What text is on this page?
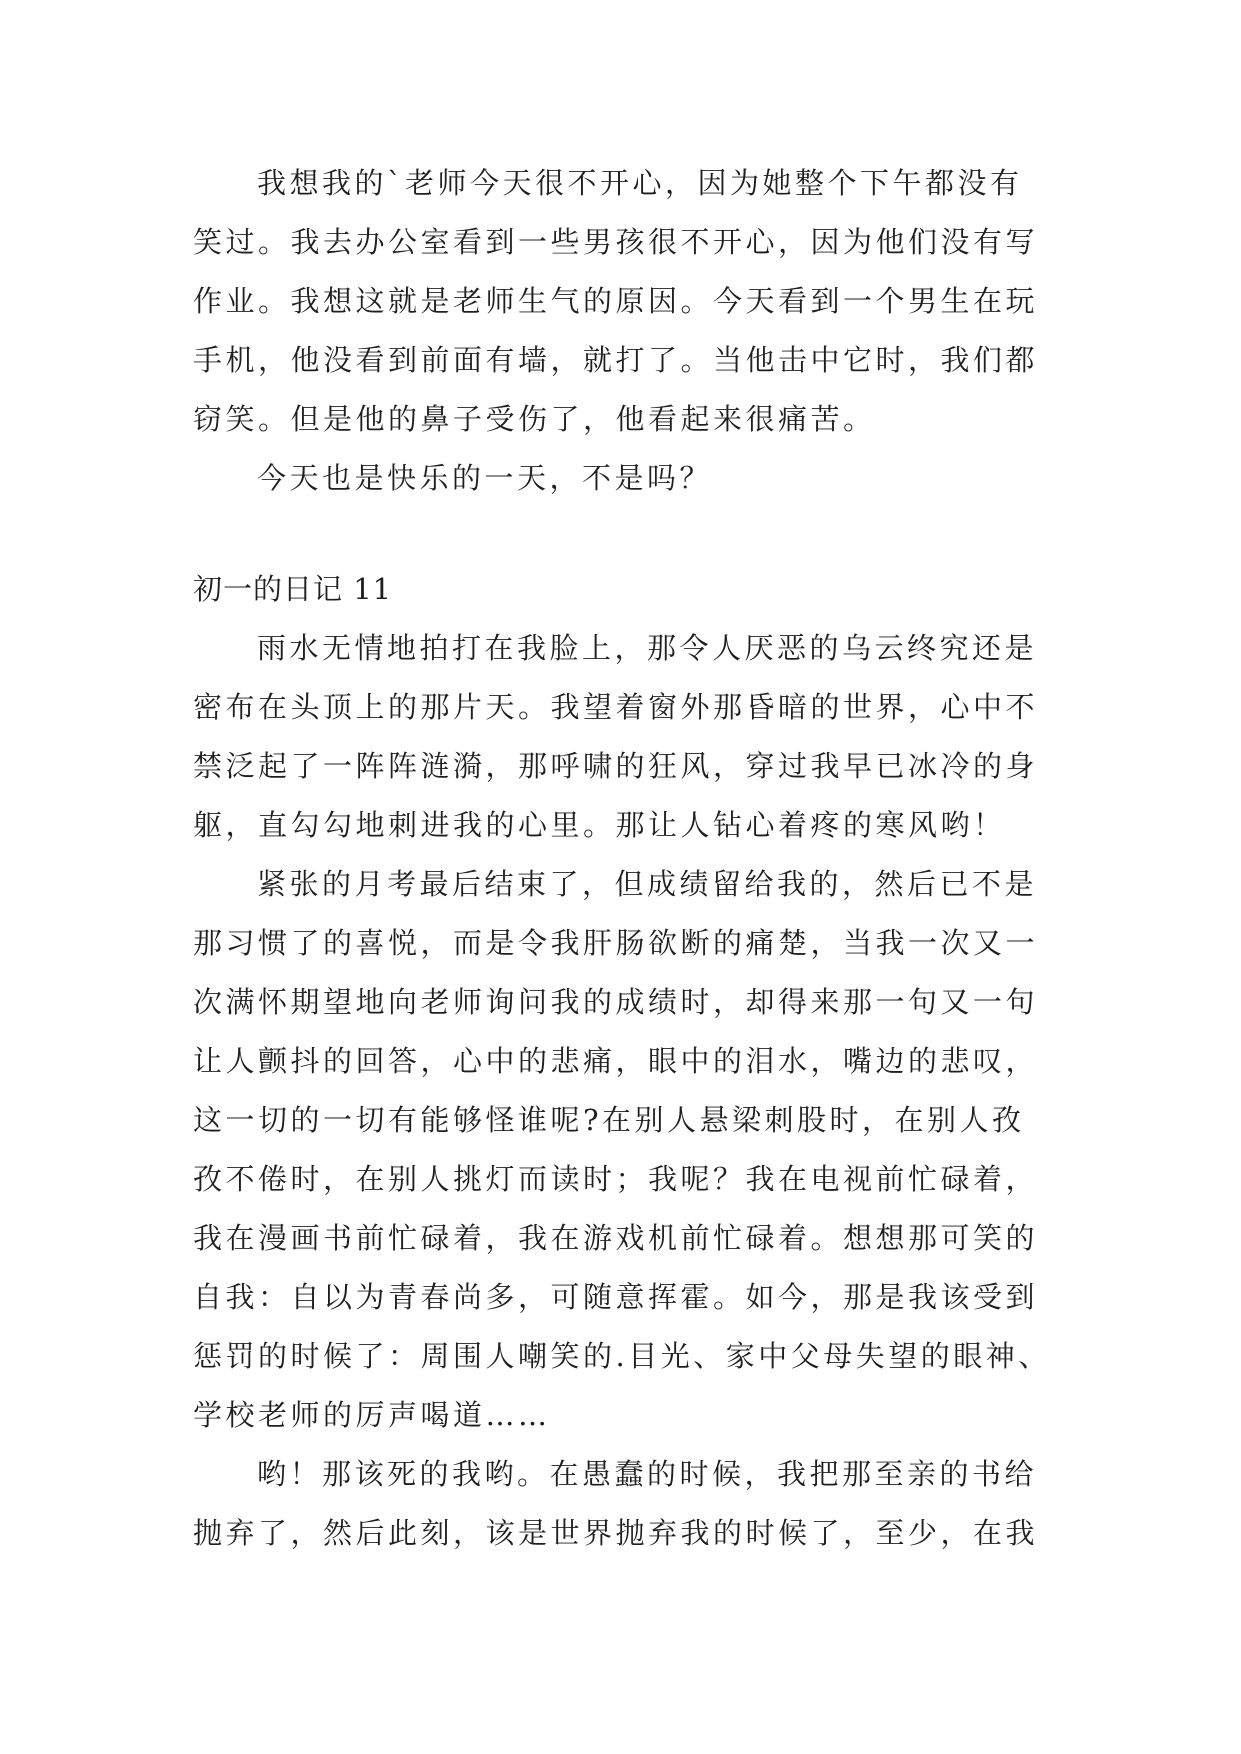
我想我的`老师今天很不开心，因为她整个下午都没有笑过。我去办公室看到一些男孩很不开心，因为他们没有写作业。我想这就是老师生气的原因。今天看到一个男生在玩手机，他没看到前面有墙，就打了。当他击中它时，我们都窃笑。但是他的鼻子受伤了，他看起来很痛苦。

今天也是快乐的一天，不是吗？

初一的日记 11

雨水无情地拍打在我脸上，那令人厌恶的乌云终究还是密布在头顶上的那片天。我望着窗外那昏暗的世界，心中不禁泛起了一阵阵涟漪，那呼啸的狂风，穿过我早已冰冷的身躯，直勾勾地刺进我的心里。那让人钻心着疼的寒风哟！

紧张的月考最后结束了，但成绩留给我的，然后已不是那习惯了的喜悦，而是令我肝肠欲断的痛楚，当我一次又一次满怀期望地向老师询问我的成绩时，却得来那一句又一句让人颤抖的回答，心中的悲痛，眼中的泪水，嘴边的悲叹，这一切的一切有能够怪谁呢?在别人悬梁刺股时，在别人孜孜不倦时，在别人挑灯而读时；我呢？我在电视前忙碌着，我在漫画书前忙碌着，我在游戏机前忙碌着。想想那可笑的自我：自以为青春尚多，可随意挥霍。如今，那是我该受到惩罚的时候了：周围人嘲笑的.目光、家中父母失望的眼神、学校老师的厉声喝道……

哟！那该死的我哟。在愚蠢的时候，我把那至亲的书给抛弃了，然后此刻，该是世界抛弃我的时候了，至少，在我
